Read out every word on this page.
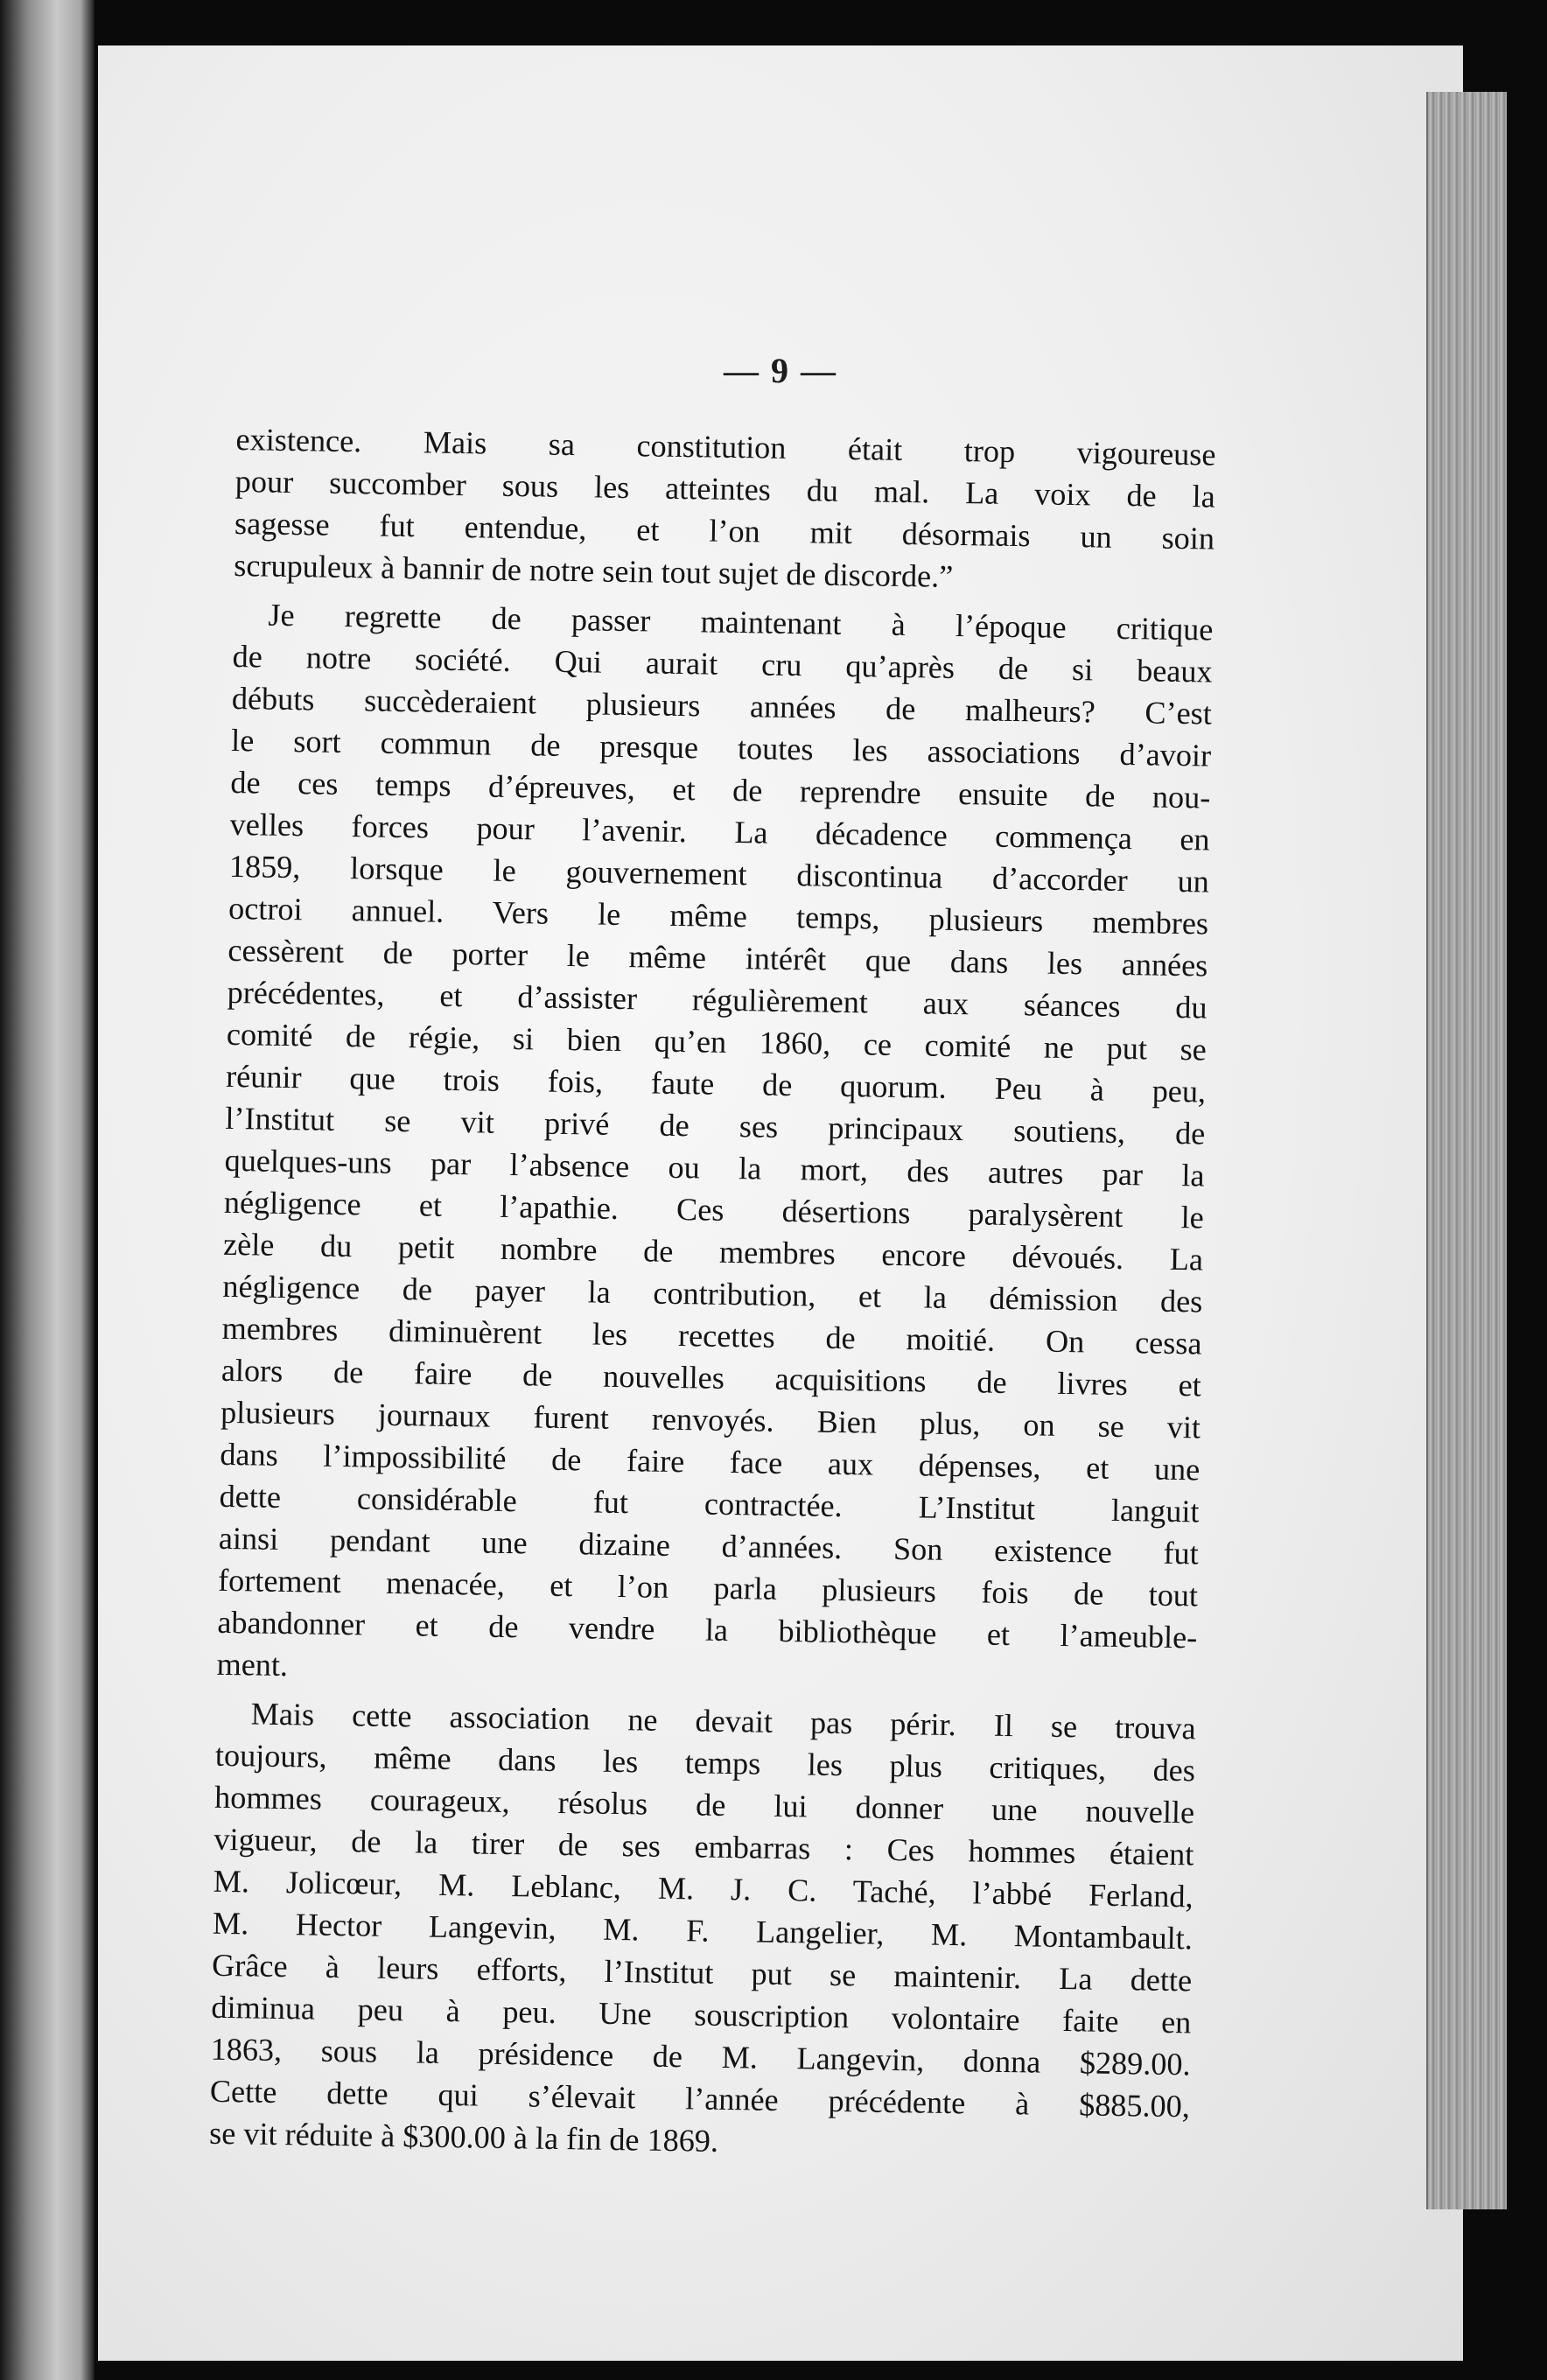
— 9 —
existence. Mais sa constitution était trop vigoureuse
pour succomber sous les atteintes du mal. La voix de la
sagesse fut entendue, et l’on mit désormais un soin
scrupuleux à bannir de notre sein tout sujet de discorde.”
Je regrette de passer maintenant à l’époque critique
de notre société. Qui aurait cru qu’après de si beaux
débuts succèderaient plusieurs années de malheurs? C’est
le sort commun de presque toutes les associations d’avoir
de ces temps d’épreuves, et de reprendre ensuite de nou-
velles forces pour l’avenir. La décadence commença en
1859, lorsque le gouvernement discontinua d’accorder un
octroi annuel. Vers le même temps, plusieurs membres
cessèrent de porter le même intérêt que dans les années
précédentes, et d’assister régulièrement aux séances du
comité de régie, si bien qu’en 1860, ce comité ne put se
réunir que trois fois, faute de quorum. Peu à peu,
l’Institut se vit privé de ses principaux soutiens, de
quelques-uns par l’absence ou la mort, des autres par la
négligence et l’apathie. Ces désertions paralysèrent le
zèle du petit nombre de membres encore dévoués. La
négligence de payer la contribution, et la démission des
membres diminuèrent les recettes de moitié. On cessa
alors de faire de nouvelles acquisitions de livres et
plusieurs journaux furent renvoyés. Bien plus, on se vit
dans l’impossibilité de faire face aux dépenses, et une
dette considérable fut contractée. L’Institut languit
ainsi pendant une dizaine d’années. Son existence fut
fortement menacée, et l’on parla plusieurs fois de tout
abandonner et de vendre la bibliothèque et l’ameuble-
ment.
Mais cette association ne devait pas périr. Il se trouva
toujours, même dans les temps les plus critiques, des
hommes courageux, résolus de lui donner une nouvelle
vigueur, de la tirer de ses embarras : Ces hommes étaient
M. Jolicœur, M. Leblanc, M. J. C. Taché, l’abbé Ferland,
M. Hector Langevin, M. F. Langelier, M. Montambault.
Grâce à leurs efforts, l’Institut put se maintenir. La dette
diminua peu à peu. Une souscription volontaire faite en
1863, sous la présidence de M. Langevin, donna $289.00.
Cette dette qui s’élevait l’année précédente à $885.00,
se vit réduite à $300.00 à la fin de 1869.
